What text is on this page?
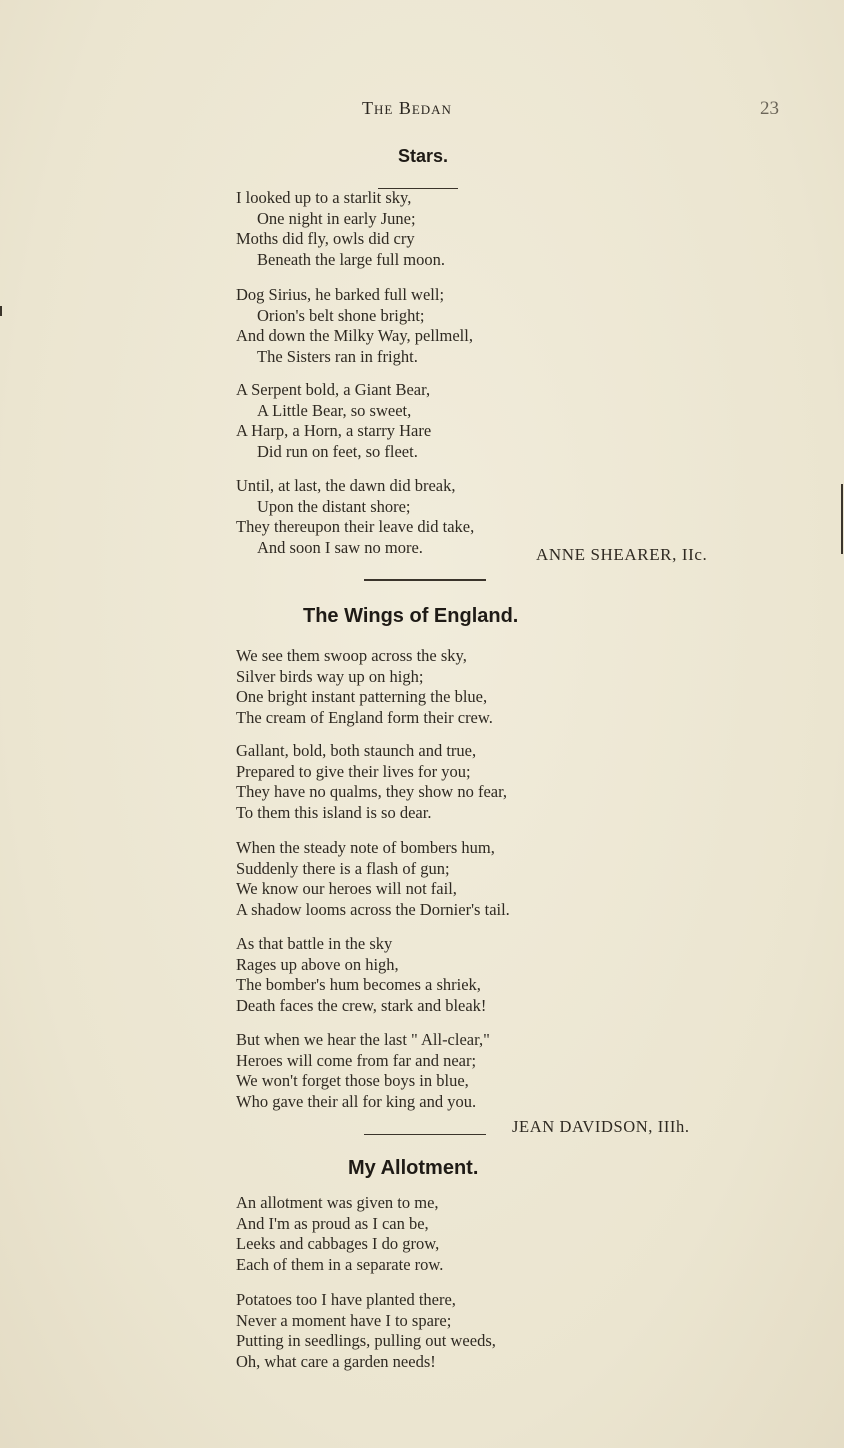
The Bedan	23
Stars.
I looked up to a starlit sky,
One night in early June;
Moths did fly, owls did cry
Beneath the large full moon.
Dog Sirius, he barked full well;
Orion's belt shone bright;
And down the Milky Way, pellmell,
The Sisters ran in fright.
A Serpent bold, a Giant Bear,
A Little Bear, so sweet,
A Harp, a Horn, a starry Hare
Did run on feet, so fleet.
Until, at last, the dawn did break,
Upon the distant shore;
They thereupon their leave did take,
And soon I saw no more.	ANNE SHEARER, IIc.
The Wings of England.
We see them swoop across the sky,
Silver birds way up on high;
One bright instant patterning the blue,
The cream of England form their crew.
Gallant, bold, both staunch and true,
Prepared to give their lives for you;
They have no qualms, they show no fear,
To them this island is so dear.
When the steady note of bombers hum,
Suddenly there is a flash of gun;
We know our heroes will not fail,
A shadow looms across the Dornier's tail.
As that battle in the sky
Rages up above on high,
The bomber's hum becomes a shriek,
Death faces the crew, stark and bleak!
But when we hear the last " All-clear,"
Heroes will come from far and near;
We won't forget those boys in blue,
Who gave their all for king and you.
JEAN DAVIDSON, IIIh.
My Allotment.
An allotment was given to me,
And I'm as proud as I can be,
Leeks and cabbages I do grow,
Each of them in a separate row.
Potatoes too I have planted there,
Never a moment have I to spare;
Putting in seedlings, pulling out weeds,
Oh, what care a garden needs!
